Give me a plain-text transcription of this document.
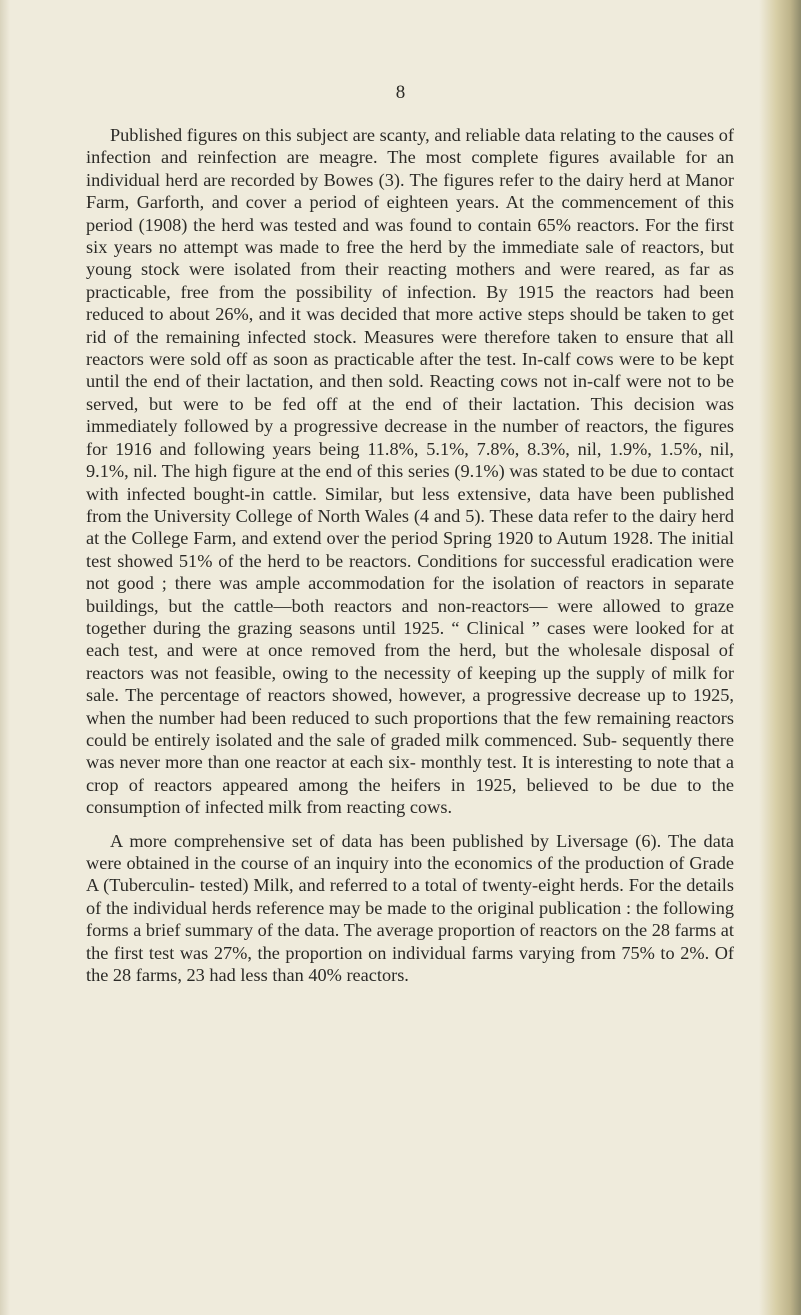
8

Published figures on this subject are scanty, and reliable data relating to the causes of infection and reinfection are meagre. The most complete figures available for an individual herd are recorded by Bowes (3). The figures refer to the dairy herd at Manor Farm, Garforth, and cover a period of eighteen years. At the commencement of this period (1908) the herd was tested and was found to contain 65% reactors. For the first six years no attempt was made to free the herd by the immediate sale of reactors, but young stock were isolated from their reacting mothers and were reared, as far as practicable, free from the possibility of infection. By 1915 the reactors had been reduced to about 26%, and it was decided that more active steps should be taken to get rid of the remaining infected stock. Measures were therefore taken to ensure that all reactors were sold off as soon as practicable after the test. In-calf cows were to be kept until the end of their lactation, and then sold. Reacting cows not in-calf were not to be served, but were to be fed off at the end of their lactation. This decision was immediately followed by a progressive decrease in the number of reactors, the figures for 1916 and following years being 11.8%, 5.1%, 7.8%, 8.3%, nil, 1.9%, 1.5%, nil, 9.1%, nil. The high figure at the end of this series (9.1%) was stated to be due to contact with infected bought-in cattle. Similar, but less extensive, data have been published from the University College of North Wales (4 and 5). These data refer to the dairy herd at the College Farm, and extend over the period Spring 1920 to Autum 1928. The initial test showed 51% of the herd to be reactors. Conditions for successful eradication were not good ; there was ample accommodation for the isolation of reactors in separate buildings, but the cattle—both reactors and non-reactors— were allowed to graze together during the grazing seasons until 1925. “ Clinical ” cases were looked for at each test, and were at once removed from the herd, but the wholesale disposal of reactors was not feasible, owing to the necessity of keeping up the supply of milk for sale. The percentage of reactors showed, however, a progressive decrease up to 1925, when the number had been reduced to such proportions that the few remaining reactors could be entirely isolated and the sale of graded milk commenced. Sub- sequently there was never more than one reactor at each six- monthly test. It is interesting to note that a crop of reactors appeared among the heifers in 1925, believed to be due to the consumption of infected milk from reacting cows.

A more comprehensive set of data has been published by Liversage (6). The data were obtained in the course of an inquiry into the economics of the production of Grade A (Tuberculin- tested) Milk, and referred to a total of twenty-eight herds. For the details of the individual herds reference may be made to the original publication : the following forms a brief summary of the data. The average proportion of reactors on the 28 farms at the first test was 27%, the proportion on individual farms varying from 75% to 2%. Of the 28 farms, 23 had less than 40% reactors.
